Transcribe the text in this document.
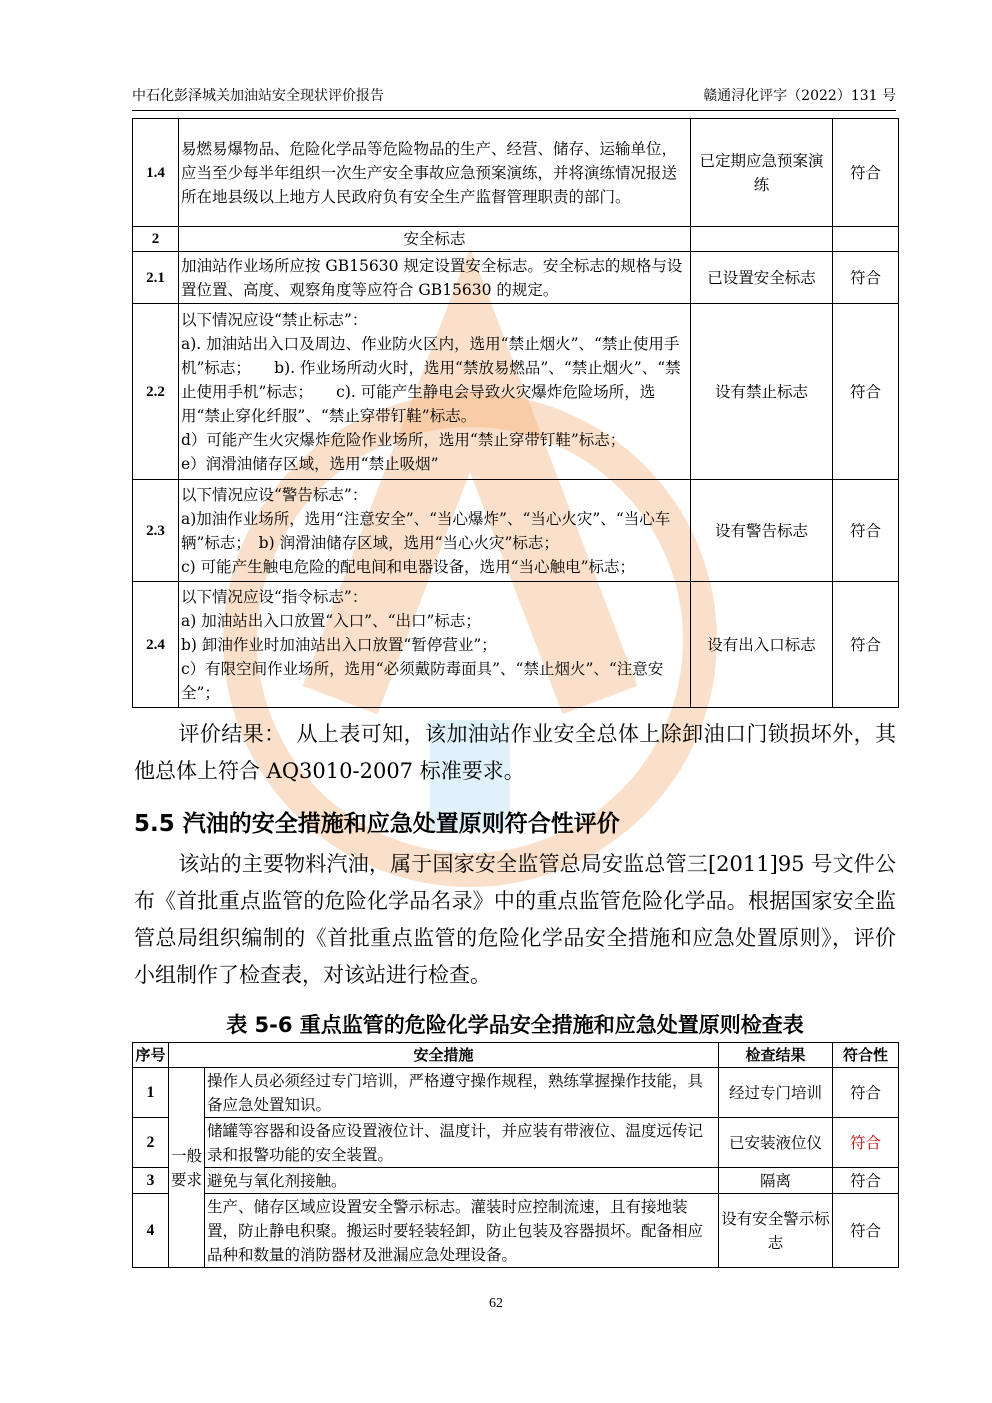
中石化彭泽城关加油站安全现状评价报告	赣通浔化评字（2022）131 号
1.4	易燃易爆物品、危险化学品等危险物品的生产、经营、储存、运输单位，应当至少每半年组织一次生产安全事故应急预案演练，并将演练情况报送所在地县级以上地方人民政府负有安全生产监督管理职责的部门。	已定期应急预案演练	符合
2	安全标志		
2.1	加油站作业场所应按 GB15630 规定设置安全标志。安全标志的规格与设置位置、高度、观察角度等应符合 GB15630 的规定。	已设置安全标志	符合
2.2	以下情况应设“禁止标志”：
a). 加油站出入口及周边、作业防火区内，选用“禁止烟火”、“禁止使用手机”标志；　　b). 作业场所动火时，选用“禁放易燃品”、“禁止烟火”、“禁止使用手机”标志；　　c). 可能产生静电会导致火灾爆炸危险场所，选用“禁止穿化纤服”、“禁止穿带钉鞋”标志。
d）可能产生火灾爆炸危险作业场所，选用“禁止穿带钉鞋”标志；
e）润滑油储存区域，选用“禁止吸烟”	设有禁止标志	符合
2.3	以下情况应设“警告标志”：
a)加油作业场所，选用“注意安全”、“当心爆炸”、“当心火灾”、“当心车辆”标志；　b) 润滑油储存区域，选用“当心火灾”标志；
c) 可能产生触电危险的配电间和电器设备，选用“当心触电”标志；	设有警告标志	符合
2.4	以下情况应设“指令标志”：
a) 加油站出入口放置“入口”、“出口”标志；
b) 卸油作业时加油站出入口放置“暂停营业”；
c）有限空间作业场所，选用“必须戴防毒面具”、“禁止烟火”、“注意安全”；	设有出入口标志	符合
评价结果：　从上表可知，该加油站作业安全总体上除卸油口门锁损坏外，其他总体上符合 AQ3010-2007 标准要求。
5.5 汽油的安全措施和应急处置原则符合性评价
该站的主要物料汽油，属于国家安全监管总局安监总管三[2011]95 号文件公布《首批重点监管的危险化学品名录》中的重点监管危险化学品。根据国家安全监管总局组织编制的《首批重点监管的危险化学品安全措施和应急处置原则》，评价小组制作了检查表，对该站进行检查。
表 5-6 重点监管的危险化学品安全措施和应急处置原则检查表
序号	安全措施		检查结果	符合性
1	一般要求	操作人员必须经过专门培训，严格遵守操作规程，熟练掌握操作技能，具备应急处置知识。	经过专门培训	符合
2		储罐等容器和设备应设置液位计、温度计，并应装有带液位、温度远传记录和报警功能的安全装置。	已安装液位仪	符合
3		避免与氧化剂接触。	隔离	符合
4		生产、储存区域应设置安全警示标志。灌装时应控制流速，且有接地装置，防止静电积聚。搬运时要轻装轻卸，防止包装及容器损坏。配备相应品种和数量的消防器材及泄漏应急处理设备。	设有安全警示标志	符合
62
